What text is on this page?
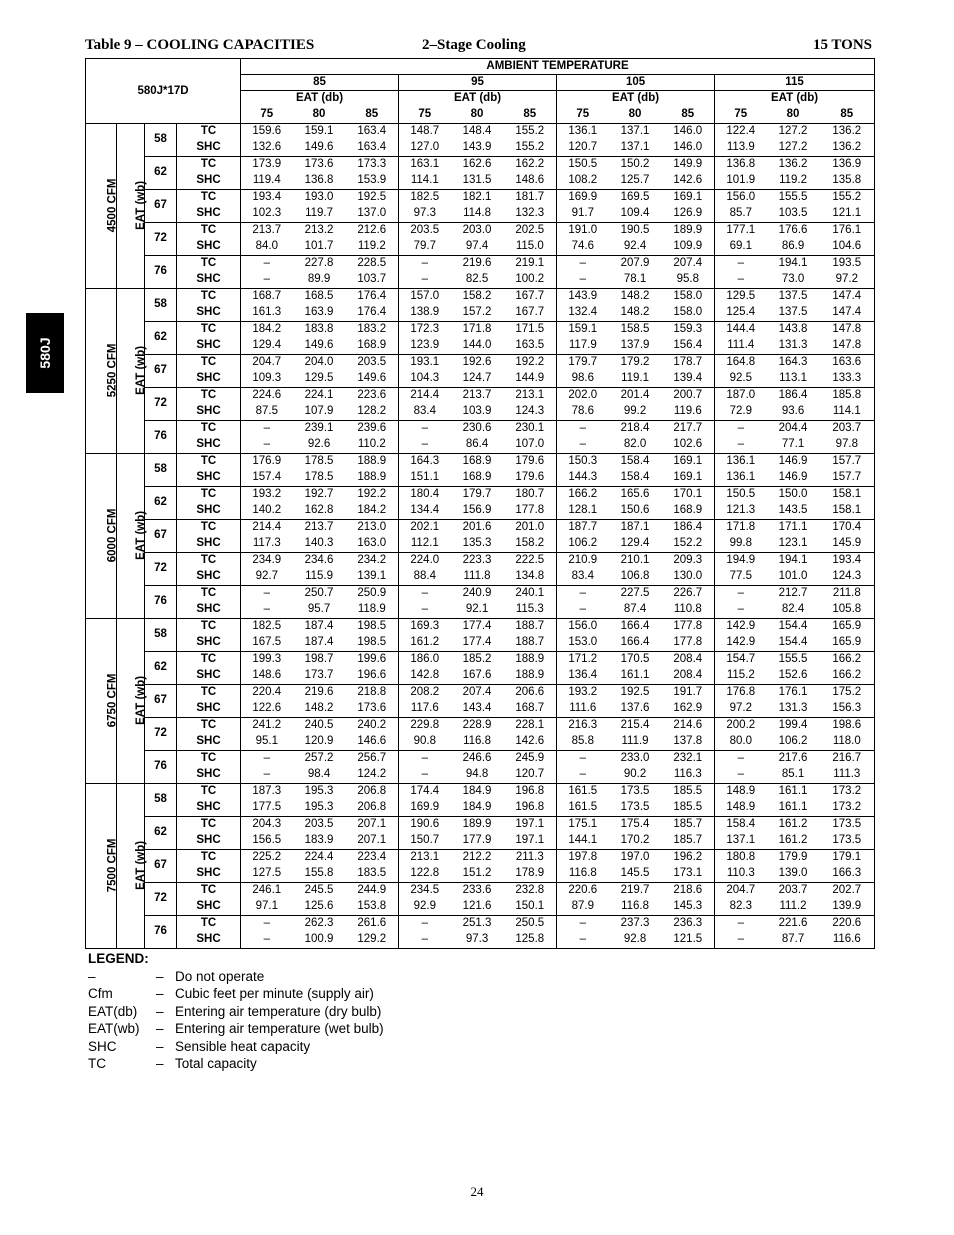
Table 9 – COOLING CAPACITIES	2–Stage Cooling	15 TONS
580J
580J*17D				AMBIENT TEMPERATURE											
				85			95			105			115		
				EAT (db)			EAT (db)			EAT (db)			EAT (db)		
				75	80	85	75	80	85	75	80	85	75	80	85
4500 CFM	EAT (wb)	58	TC	159.6	159.1	163.4	148.7	148.4	155.2	136.1	137.1	146.0	122.4	127.2	136.2
			SHC	132.6	149.6	163.4	127.0	143.9	155.2	120.7	137.1	146.0	113.9	127.2	136.2
		62	TC	173.9	173.6	173.3	163.1	162.6	162.2	150.5	150.2	149.9	136.8	136.2	136.9
			SHC	119.4	136.8	153.9	114.1	131.5	148.6	108.2	125.7	142.6	101.9	119.2	135.8
		67	TC	193.4	193.0	192.5	182.5	182.1	181.7	169.9	169.5	169.1	156.0	155.5	155.2
			SHC	102.3	119.7	137.0	97.3	114.8	132.3	91.7	109.4	126.9	85.7	103.5	121.1
		72	TC	213.7	213.2	212.6	203.5	203.0	202.5	191.0	190.5	189.9	177.1	176.6	176.1
			SHC	84.0	101.7	119.2	79.7	97.4	115.0	74.6	92.4	109.9	69.1	86.9	104.6
		76	TC	–	227.8	228.5	–	219.6	219.1	–	207.9	207.4	–	194.1	193.5
			SHC	–	89.9	103.7	–	82.5	100.2	–	78.1	95.8	–	73.0	97.2
5250 CFM	EAT (wb)	58	TC	168.7	168.5	176.4	157.0	158.2	167.7	143.9	148.2	158.0	129.5	137.5	147.4
			SHC	161.3	163.9	176.4	138.9	157.2	167.7	132.4	148.2	158.0	125.4	137.5	147.4
		62	TC	184.2	183.8	183.2	172.3	171.8	171.5	159.1	158.5	159.3	144.4	143.8	147.8
			SHC	129.4	149.6	168.9	123.9	144.0	163.5	117.9	137.9	156.4	111.4	131.3	147.8
		67	TC	204.7	204.0	203.5	193.1	192.6	192.2	179.7	179.2	178.7	164.8	164.3	163.6
			SHC	109.3	129.5	149.6	104.3	124.7	144.9	98.6	119.1	139.4	92.5	113.1	133.3
		72	TC	224.6	224.1	223.6	214.4	213.7	213.1	202.0	201.4	200.7	187.0	186.4	185.8
			SHC	87.5	107.9	128.2	83.4	103.9	124.3	78.6	99.2	119.6	72.9	93.6	114.1
		76	TC	–	239.1	239.6	–	230.6	230.1	–	218.4	217.7	–	204.4	203.7
			SHC	–	92.6	110.2	–	86.4	107.0	–	82.0	102.6	–	77.1	97.8
6000 CFM	EAT (wb)	58	TC	176.9	178.5	188.9	164.3	168.9	179.6	150.3	158.4	169.1	136.1	146.9	157.7
			SHC	157.4	178.5	188.9	151.1	168.9	179.6	144.3	158.4	169.1	136.1	146.9	157.7
		62	TC	193.2	192.7	192.2	180.4	179.7	180.7	166.2	165.6	170.1	150.5	150.0	158.1
			SHC	140.2	162.8	184.2	134.4	156.9	177.8	128.1	150.6	168.9	121.3	143.5	158.1
		67	TC	214.4	213.7	213.0	202.1	201.6	201.0	187.7	187.1	186.4	171.8	171.1	170.4
			SHC	117.3	140.3	163.0	112.1	135.3	158.2	106.2	129.4	152.2	99.8	123.1	145.9
		72	TC	234.9	234.6	234.2	224.0	223.3	222.5	210.9	210.1	209.3	194.9	194.1	193.4
			SHC	92.7	115.9	139.1	88.4	111.8	134.8	83.4	106.8	130.0	77.5	101.0	124.3
		76	TC	–	250.7	250.9	–	240.9	240.1	–	227.5	226.7	–	212.7	211.8
			SHC	–	95.7	118.9	–	92.1	115.3	–	87.4	110.8	–	82.4	105.8
6750 CFM	EAT (wb)	58	TC	182.5	187.4	198.5	169.3	177.4	188.7	156.0	166.4	177.8	142.9	154.4	165.9
			SHC	167.5	187.4	198.5	161.2	177.4	188.7	153.0	166.4	177.8	142.9	154.4	165.9
		62	TC	199.3	198.7	199.6	186.0	185.2	188.9	171.2	170.5	208.4	154.7	155.5	166.2
			SHC	148.6	173.7	196.6	142.8	167.6	188.9	136.4	161.1	208.4	115.2	152.6	166.2
		67	TC	220.4	219.6	218.8	208.2	207.4	206.6	193.2	192.5	191.7	176.8	176.1	175.2
			SHC	122.6	148.2	173.6	117.6	143.4	168.7	111.6	137.6	162.9	97.2	131.3	156.3
		72	TC	241.2	240.5	240.2	229.8	228.9	228.1	216.3	215.4	214.6	200.2	199.4	198.6
			SHC	95.1	120.9	146.6	90.8	116.8	142.6	85.8	111.9	137.8	80.0	106.2	118.0
		76	TC	–	257.2	256.7	–	246.6	245.9	–	233.0	232.1	–	217.6	216.7
			SHC	–	98.4	124.2	–	94.8	120.7	–	90.2	116.3	–	85.1	111.3
7500 CFM	EAT (wb)	58	TC	187.3	195.3	206.8	174.4	184.9	196.8	161.5	173.5	185.5	148.9	161.1	173.2
			SHC	177.5	195.3	206.8	169.9	184.9	196.8	161.5	173.5	185.5	148.9	161.1	173.2
		62	TC	204.3	203.5	207.1	190.6	189.9	197.1	175.1	175.4	185.7	158.4	161.2	173.5
			SHC	156.5	183.9	207.1	150.7	177.9	197.1	144.1	170.2	185.7	137.1	161.2	173.5
		67	TC	225.2	224.4	223.4	213.1	212.2	211.3	197.8	197.0	196.2	180.8	179.9	179.1
			SHC	127.5	155.8	183.5	122.8	151.2	178.9	116.8	145.5	173.1	110.3	139.0	166.3
		72	TC	246.1	245.5	244.9	234.5	233.6	232.8	220.6	219.7	218.6	204.7	203.7	202.7
			SHC	97.1	125.6	153.8	92.9	121.6	150.1	87.9	116.8	145.3	82.3	111.2	139.9
		76	TC	–	262.3	261.6	–	251.3	250.5	–	237.3	236.3	–	221.6	220.6
			SHC	–	100.9	129.2	–	97.3	125.8	–	92.8	121.5	–	87.7	116.6
LEGEND:
–	– Do not operate
Cfm	– Cubic feet per minute (supply air)
EAT(db) – Entering air temperature (dry bulb)
EAT(wb) – Entering air temperature (wet bulb)
SHC	– Sensible heat capacity
TC	– Total capacity
24
